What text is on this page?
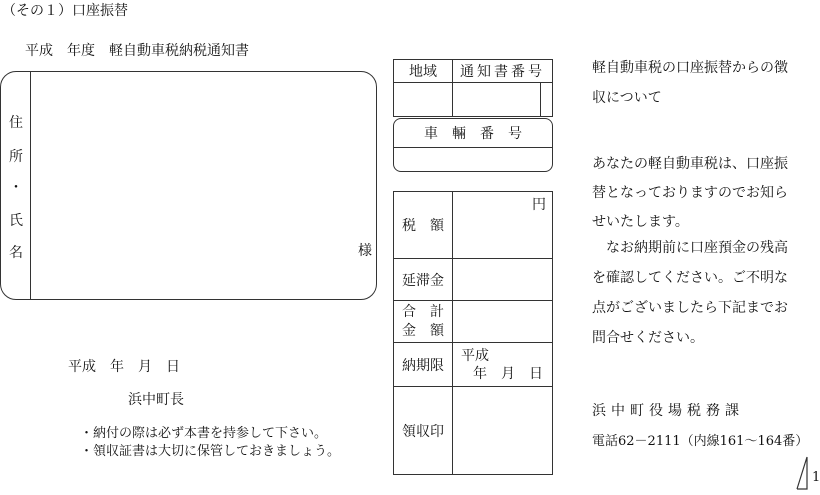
（その１）口座振替
平成　年度　軽自動車税納税通知書
住
所
・
氏
名	様
平成　年　月　日
浜中町長
・納付の際は必ず本書を持参して下さい。
・領収証書は大切に保管しておきましょう。
地域	通知書番号	

車　輛　番　号
税　額	円
延滞金	

合　計
金　額	

納期限	平成
年　月　日

領収印	
軽自動車税の口座振替からの徴
収について
あなたの軽自動車税は、口座振
替となっておりますのでお知ら
せいたします。
　なお納期前に口座預金の残高
を確認してください。ご不明な
点がございましたら下記までお
問合せください。
浜中町役場税務課
電話62－2111（内線161～164番）
1
